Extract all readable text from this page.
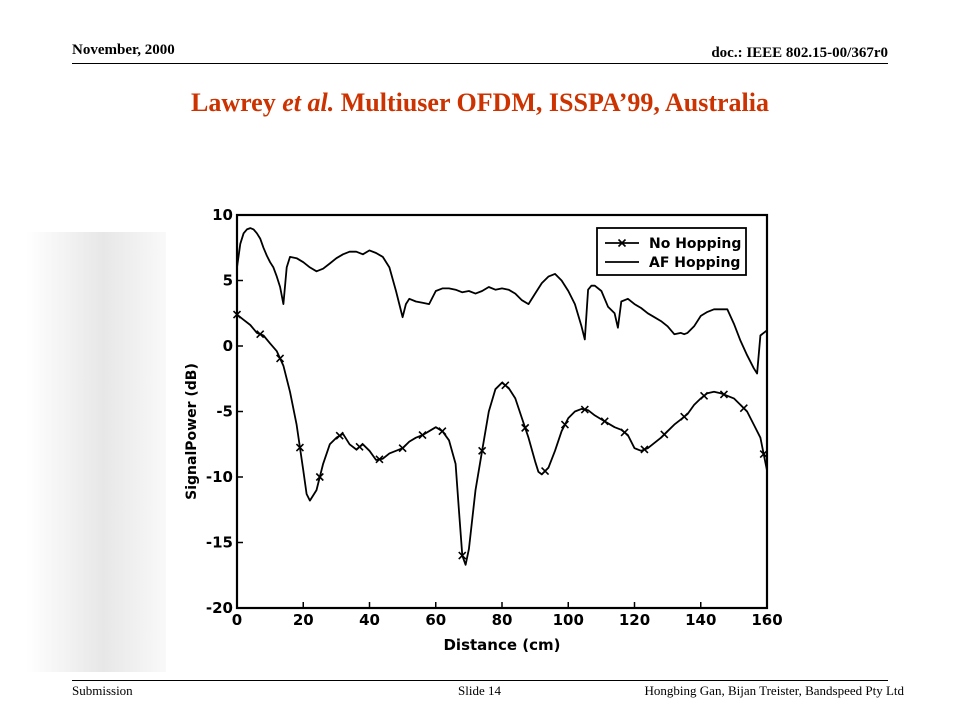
November, 2000	doc.: IEEE 802.15-00/367r0
Lawrey et al. Multiuser OFDM, ISSPA’99, Australia
0	20	40	60	80	100 120 140 160
10
5
0
-5
-10
-15
-20
No Hopping
AF Hopping
Distance (cm)
SignalPower (dB)
Submission	Slide 14	Hongbing Gan, Bijan Treister, Bandspeed Pty Ltd
